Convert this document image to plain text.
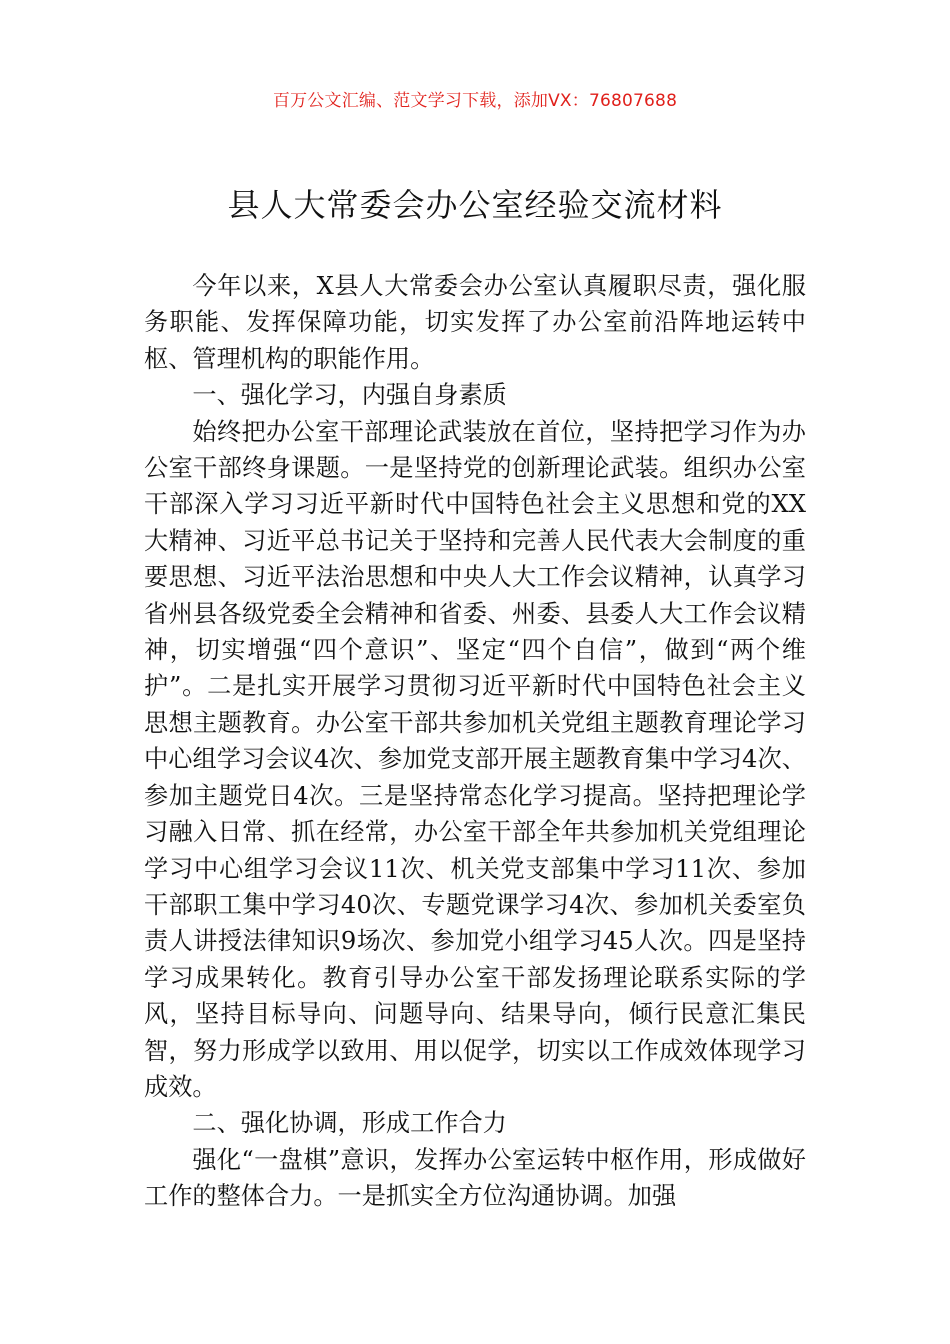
百万公文汇编、范文学习下载，添加VX：76807688
县人大常委会办公室经验交流材料

今年以来，X县人大常委会办公室认真履职尽责，强化服务职能、发挥保障功能，切实发挥了办公室前沿阵地运转中枢、管理机构的职能作用。

一、强化学习，内强自身素质

始终把办公室干部理论武装放在首位，坚持把学习作为办公室干部终身课题。一是坚持党的创新理论武装。组织办公室干部深入学习习近平新时代中国特色社会主义思想和党的XX大精神、习近平总书记关于坚持和完善人民代表大会制度的重要思想、习近平法治思想和中央人大工作会议精神，认真学习省州县各级党委全会精神和省委、州委、县委人大工作会议精神，切实增强“四个意识”、坚定“四个自信”，做到“两个维护”。二是扎实开展学习贯彻习近平新时代中国特色社会主义思想主题教育。办公室干部共参加机关党组主题教育理论学习中心组学习会议4次、参加党支部开展主题教育集中学习4次、参加主题党日4次。三是坚持常态化学习提高。坚持把理论学习融入日常、抓在经常，办公室干部全年共参加机关党组理论学习中心组学习会议11次、机关党支部集中学习11次、参加干部职工集中学习40次、专题党课学习4次、参加机关委室负责人讲授法律知识9场次、参加党小组学习45人次。四是坚持学习成果转化。教育引导办公室干部发扬理论联系实际的学风，坚持目标导向、问题导向、结果导向，倾行民意汇集民智，努力形成学以致用、用以促学，切实以工作成效体现学习成效。

二、强化协调，形成工作合力

强化“一盘棋”意识，发挥办公室运转中枢作用，形成做好工作的整体合力。一是抓实全方位沟通协调。加强
